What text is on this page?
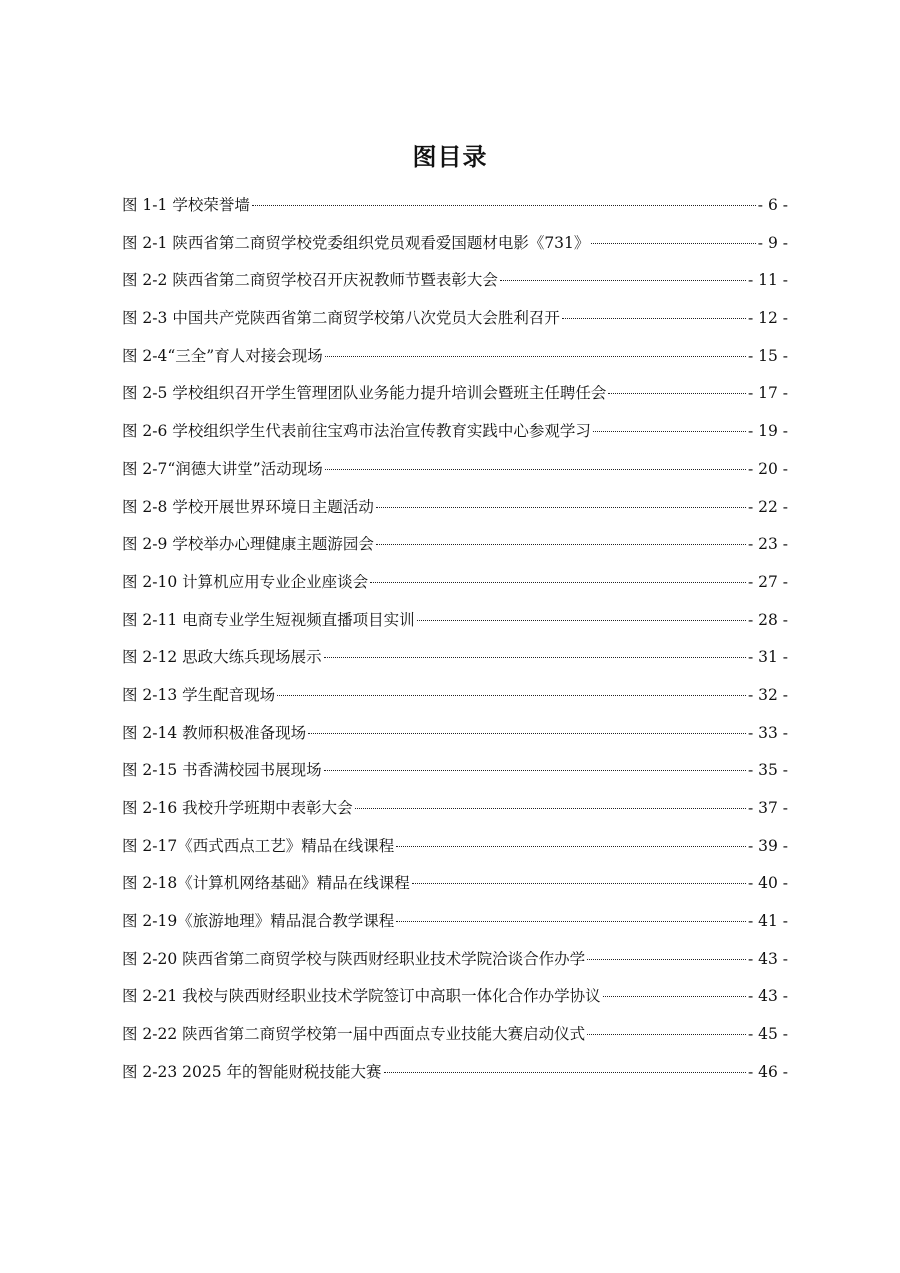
图目录
图 1-1 学校荣誉墙	- 6 -
图 2-1 陕西省第二商贸学校党委组织党员观看爱国题材电影《731》	- 9 -
图 2-2 陕西省第二商贸学校召开庆祝教师节暨表彰大会	- 11 -
图 2-3 中国共产党陕西省第二商贸学校第八次党员大会胜利召开	- 12 -
图 2-4“三全”育人对接会现场	- 15 -
图 2-5 学校组织召开学生管理团队业务能力提升培训会暨班主任聘任会	- 17 -
图 2-6 学校组织学生代表前往宝鸡市法治宣传教育实践中心参观学习	- 19 -
图 2-7“润德大讲堂”活动现场	- 20 -
图 2-8 学校开展世界环境日主题活动	- 22 -
图 2-9 学校举办心理健康主题游园会	- 23 -
图 2-10 计算机应用专业企业座谈会	- 27 -
图 2-11 电商专业学生短视频直播项目实训	- 28 -
图 2-12 思政大练兵现场展示	- 31 -
图 2-13 学生配音现场	- 32 -
图 2-14 教师积极准备现场	- 33 -
图 2-15 书香满校园书展现场	- 35 -
图 2-16 我校升学班期中表彰大会	- 37 -
图 2-17《西式西点工艺》精品在线课程	- 39 -
图 2-18《计算机网络基础》精品在线课程	- 40 -
图 2-19《旅游地理》精品混合教学课程	- 41 -
图 2-20 陕西省第二商贸学校与陕西财经职业技术学院洽谈合作办学	- 43 -
图 2-21 我校与陕西财经职业技术学院签订中高职一体化合作办学协议	- 43 -
图 2-22 陕西省第二商贸学校第一届中西面点专业技能大赛启动仪式	- 45 -
图 2-23 2025 年的智能财税技能大赛	- 46 -
